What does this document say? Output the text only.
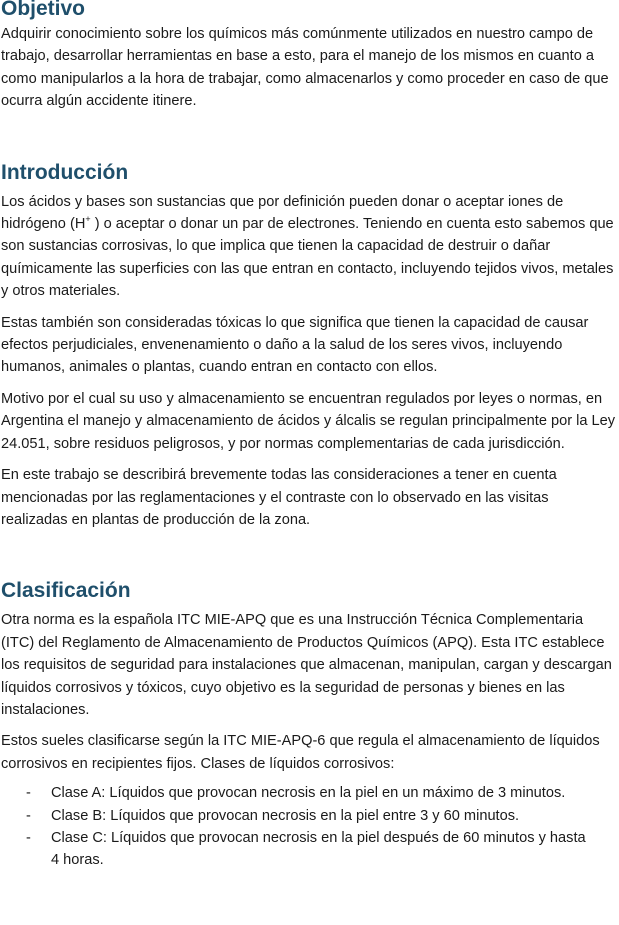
Objetivo

Adquirir conocimiento sobre los químicos más comúnmente utilizados en nuestro campo de trabajo, desarrollar herramientas en base a esto, para el manejo de los mismos en cuanto a como manipularlos a la hora de trabajar, como almacenarlos y como proceder en caso de que ocurra algún accidente itinere.

Introducción

Los ácidos y bases son sustancias que por definición pueden donar o aceptar iones de hidrógeno (H+ ) o aceptar o donar un par de electrones. Teniendo en cuenta esto sabemos que son sustancias corrosivas, lo que implica que tienen la capacidad de destruir o dañar químicamente las superficies con las que entran en contacto, incluyendo tejidos vivos, metales y otros materiales.

Estas también son consideradas tóxicas lo que significa que tienen la capacidad de causar efectos perjudiciales, envenenamiento o daño a la salud de los seres vivos, incluyendo humanos, animales o plantas, cuando entran en contacto con ellos.

Motivo por el cual su uso y almacenamiento se encuentran regulados por leyes o normas, en Argentina el manejo y almacenamiento de ácidos y álcalis se regulan principalmente por la Ley 24.051, sobre residuos peligrosos, y por normas complementarias de cada jurisdicción.

En este trabajo se describirá brevemente todas las consideraciones a tener en cuenta mencionadas por las reglamentaciones y el contraste con lo observado en las visitas realizadas en plantas de producción de la zona.

Clasificación

Otra norma es la española ITC MIE-APQ que es una Instrucción Técnica Complementaria (ITC) del Reglamento de Almacenamiento de Productos Químicos (APQ). Esta ITC establece los requisitos de seguridad para instalaciones que almacenan, manipulan, cargan y descargan líquidos corrosivos y tóxicos, cuyo objetivo es la seguridad de personas y bienes en las instalaciones.

Estos sueles clasificarse según la ITC MIE-APQ-6 que regula el almacenamiento de líquidos corrosivos en recipientes fijos. Clases de líquidos corrosivos:

- Clase A: Líquidos que provocan necrosis en la piel en un máximo de 3 minutos.
- Clase B: Líquidos que provocan necrosis en la piel entre 3 y 60 minutos.
- Clase C: Líquidos que provocan necrosis en la piel después de 60 minutos y hasta 4 horas.
